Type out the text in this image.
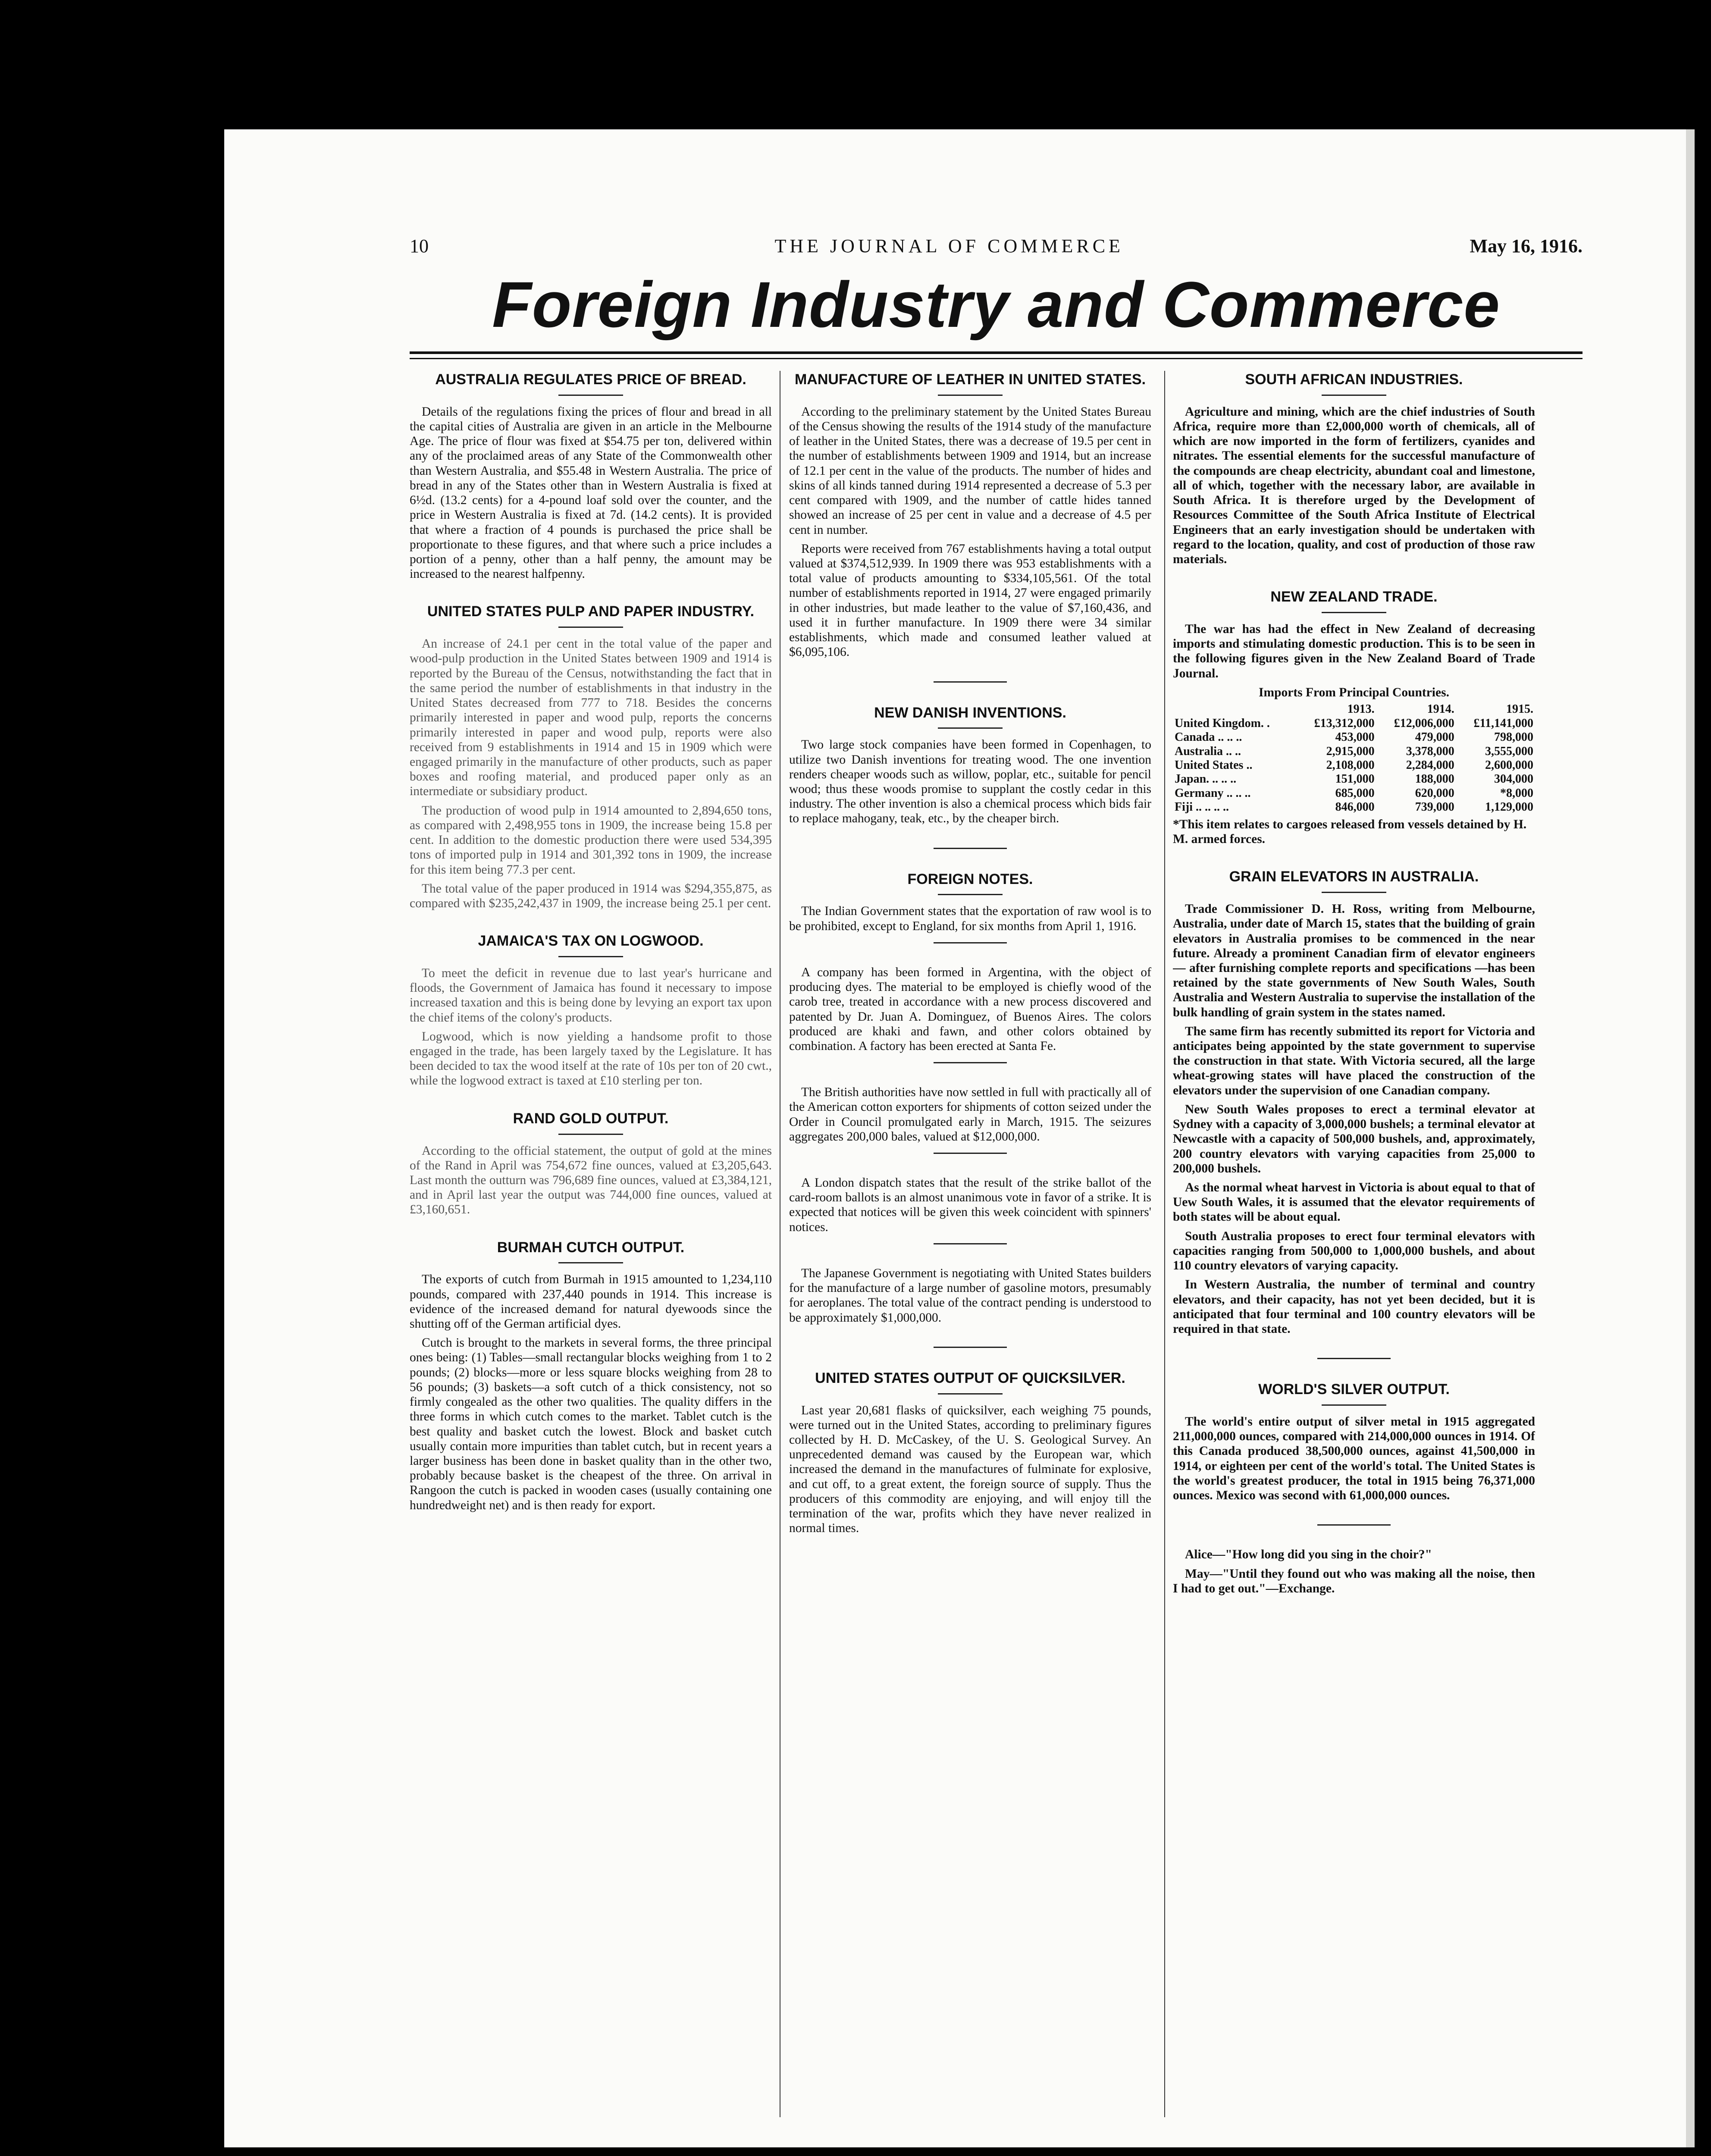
10	THE JOURNAL OF COMMERCE	May 16, 1916.
Foreign Industry and Commerce
AUSTRALIA REGULATES PRICE OF BREAD.

Details of the regulations fixing the prices of flour and bread in all the capital cities of Australia are given in an article in the Melbourne Age. The price of flour was fixed at $54.75 per ton, delivered within any of the proclaimed areas of any State of the Commonwealth other than Western Australia, and $55.48 in Western Australia. The price of bread in any of the States other than in Western Australia is fixed at 6½d. (13.2 cents) for a 4-pound loaf sold over the counter, and the price in Western Australia is fixed at 7d. (14.2 cents). It is provided that where a fraction of 4 pounds is purchased the price shall be proportionate to these figures, and that where such a price includes a portion of a penny, other than a half penny, the amount may be increased to the nearest halfpenny.

UNITED STATES PULP AND PAPER INDUSTRY.

An increase of 24.1 per cent in the total value of the paper and wood-pulp production in the United States between 1909 and 1914 is reported by the Bureau of the Census, notwithstanding the fact that in the same period the number of establishments in that industry in the United States decreased from 777 to 718. Besides the concerns primarily interested in paper and wood pulp, reports the concerns primarily interested in paper and wood pulp, reports were also received from 9 establishments in 1914 and 15 in 1909 which were engaged primarily in the manufacture of other products, such as paper boxes and roofing material, and produced paper only as an intermediate or subsidiary product.

The production of wood pulp in 1914 amounted to 2,894,650 tons, as compared with 2,498,955 tons in 1909, the increase being 15.8 per cent. In addition to the domestic production there were used 534,395 tons of imported pulp in 1914 and 301,392 tons in 1909, the increase for this item being 77.3 per cent.

The total value of the paper produced in 1914 was $294,355,875, as compared with $235,242,437 in 1909, the increase being 25.1 per cent.

JAMAICA'S TAX ON LOGWOOD.

To meet the deficit in revenue due to last year's hurricane and floods, the Government of Jamaica has found it necessary to impose increased taxation and this is being done by levying an export tax upon the chief items of the colony's products.

Logwood, which is now yielding a handsome profit to those engaged in the trade, has been largely taxed by the Legislature. It has been decided to tax the wood itself at the rate of 10s per ton of 20 cwt., while the logwood extract is taxed at £10 sterling per ton.

RAND GOLD OUTPUT.

According to the official statement, the output of gold at the mines of the Rand in April was 754,672 fine ounces, valued at £3,205,643. Last month the outturn was 796,689 fine ounces, valued at £3,384,121, and in April last year the output was 744,000 fine ounces, valued at £3,160,651.

BURMAH CUTCH OUTPUT.

The exports of cutch from Burmah in 1915 amounted to 1,234,110 pounds, compared with 237,440 pounds in 1914. This increase is evidence of the increased demand for natural dyewoods since the shutting off of the German artificial dyes.

Cutch is brought to the markets in several forms, the three principal ones being: (1) Tables—small rectangular blocks weighing from 1 to 2 pounds; (2) blocks—more or less square blocks weighing from 28 to 56 pounds; (3) baskets—a soft cutch of a thick consistency, not so firmly congealed as the other two qualities. The quality differs in the three forms in which cutch comes to the market. Tablet cutch is the best quality and basket cutch the lowest. Block and basket cutch usually contain more impurities than tablet cutch, but in recent years a larger business has been done in basket quality than in the other two, probably because basket is the cheapest of the three. On arrival in Rangoon the cutch is packed in wooden cases (usually containing one hundredweight net) and is then ready for export.

MANUFACTURE OF LEATHER IN UNITED STATES.

According to the preliminary statement by the United States Bureau of the Census showing the results of the 1914 study of the manufacture of leather in the United States, there was a decrease of 19.5 per cent in the number of establishments between 1909 and 1914, but an increase of 12.1 per cent in the value of the products. The number of hides and skins of all kinds tanned during 1914 represented a decrease of 5.3 per cent compared with 1909, and the number of cattle hides tanned showed an increase of 25 per cent in value and a decrease of 4.5 per cent in number.

Reports were received from 767 establishments having a total output valued at $374,512,939. In 1909 there was 953 establishments with a total value of products amounting to $334,105,561. Of the total number of establishments reported in 1914, 27 were engaged primarily in other industries, but made leather to the value of $7,160,436, and used it in further manufacture. In 1909 there were 34 similar establishments, which made and consumed leather valued at $6,095,106.

NEW DANISH INVENTIONS.

Two large stock companies have been formed in Copenhagen, to utilize two Danish inventions for treating wood. The one invention renders cheaper woods such as willow, poplar, etc., suitable for pencil wood; thus these woods promise to supplant the costly cedar in this industry. The other invention is also a chemical process which bids fair to replace mahogany, teak, etc., by the cheaper birch.

FOREIGN NOTES.

The Indian Government states that the exportation of raw wool is to be prohibited, except to England, for six months from April 1, 1916.

A company has been formed in Argentina, with the object of producing dyes. The material to be employed is chiefly wood of the carob tree, treated in accordance with a new process discovered and patented by Dr. Juan A. Dominguez, of Buenos Aires. The colors produced are khaki and fawn, and other colors obtained by combination. A factory has been erected at Santa Fe.

The British authorities have now settled in full with practically all of the American cotton exporters for shipments of cotton seized under the Order in Council promulgated early in March, 1915. The seizures aggregates 200,000 bales, valued at $12,000,000.

A London dispatch states that the result of the strike ballot of the card-room ballots is an almost unanimous vote in favor of a strike. It is expected that notices will be given this week coincident with spinners' notices.

The Japanese Government is negotiating with United States builders for the manufacture of a large number of gasoline motors, presumably for aeroplanes. The total value of the contract pending is understood to be approximately $1,000,000.

UNITED STATES OUTPUT OF QUICKSILVER.

Last year 20,681 flasks of quicksilver, each weighing 75 pounds, were turned out in the United States, according to preliminary figures collected by H. D. McCaskey, of the U. S. Geological Survey. An unprecedented demand was caused by the European war, which increased the demand in the manufactures of fulminate for explosive, and cut off, to a great extent, the foreign source of supply. Thus the producers of this commodity are enjoying, and will enjoy till the termination of the war, profits which they have never realized in normal times.

SOUTH AFRICAN INDUSTRIES.

Agriculture and mining, which are the chief industries of South Africa, require more than £2,000,000 worth of chemicals, all of which are now imported in the form of fertilizers, cyanides and nitrates. The essential elements for the successful manufacture of the compounds are cheap electricity, abundant coal and limestone, all of which, together with the necessary labor, are available in South Africa. It is therefore urged by the Development of Resources Committee of the South Africa Institute of Electrical Engineers that an early investigation should be undertaken with regard to the location, quality, and cost of production of those raw materials.

NEW ZEALAND TRADE.

The war has had the effect in New Zealand of decreasing imports and stimulating domestic production. This is to be seen in the following figures given in the New Zealand Board of Trade Journal.

Imports From Principal Countries.
	1913.	1914.	1915.
United Kingdom. .	£13,312,000	£12,006,000	£11,141,000
Canada .. .. ..	453,000	479,000	798,000
Australia .. ..	2,915,000	3,378,000	3,555,000
United States ..	2,108,000	2,284,000	2,600,000
Japan. .. .. ..	151,000	188,000	304,000
Germany .. .. ..	685,000	620,000	*8,000
Fiji .. .. .. ..	846,000	739,000	1,129,000
*This item relates to cargoes released from vessels detained by H. M. armed forces.
GRAIN ELEVATORS IN AUSTRALIA.

Trade Commissioner D. H. Ross, writing from Melbourne, Australia, under date of March 15, states that the building of grain elevators in Australia promises to be commenced in the near future. Already a prominent Canadian firm of elevator engineers — after furnishing complete reports and specifications —has been retained by the state governments of New South Wales, South Australia and Western Australia to supervise the installation of the bulk handling of grain system in the states named.

The same firm has recently submitted its report for Victoria and anticipates being appointed by the state government to supervise the construction in that state. With Victoria secured, all the large wheat-growing states will have placed the construction of the elevators under the supervision of one Canadian company.

New South Wales proposes to erect a terminal elevator at Sydney with a capacity of 3,000,000 bushels; a terminal elevator at Newcastle with a capacity of 500,000 bushels, and, approximately, 200 country elevators with varying capacities from 25,000 to 200,000 bushels.

As the normal wheat harvest in Victoria is about equal to that of Uew South Wales, it is assumed that the elevator requirements of both states will be about equal.

South Australia proposes to erect four terminal elevators with capacities ranging from 500,000 to 1,000,000 bushels, and about 110 country elevators of varying capacity.

In Western Australia, the number of terminal and country elevators, and their capacity, has not yet been decided, but it is anticipated that four terminal and 100 country elevators will be required in that state.

WORLD'S SILVER OUTPUT.

The world's entire output of silver metal in 1915 aggregated 211,000,000 ounces, compared with 214,000,000 ounces in 1914. Of this Canada produced 38,500,000 ounces, against 41,500,000 in 1914, or eighteen per cent of the world's total. The United States is the world's greatest producer, the total in 1915 being 76,371,000 ounces. Mexico was second with 61,000,000 ounces.

Alice—"How long did you sing in the choir?"

May—"Until they found out who was making all the noise, then I had to get out."—Exchange.
